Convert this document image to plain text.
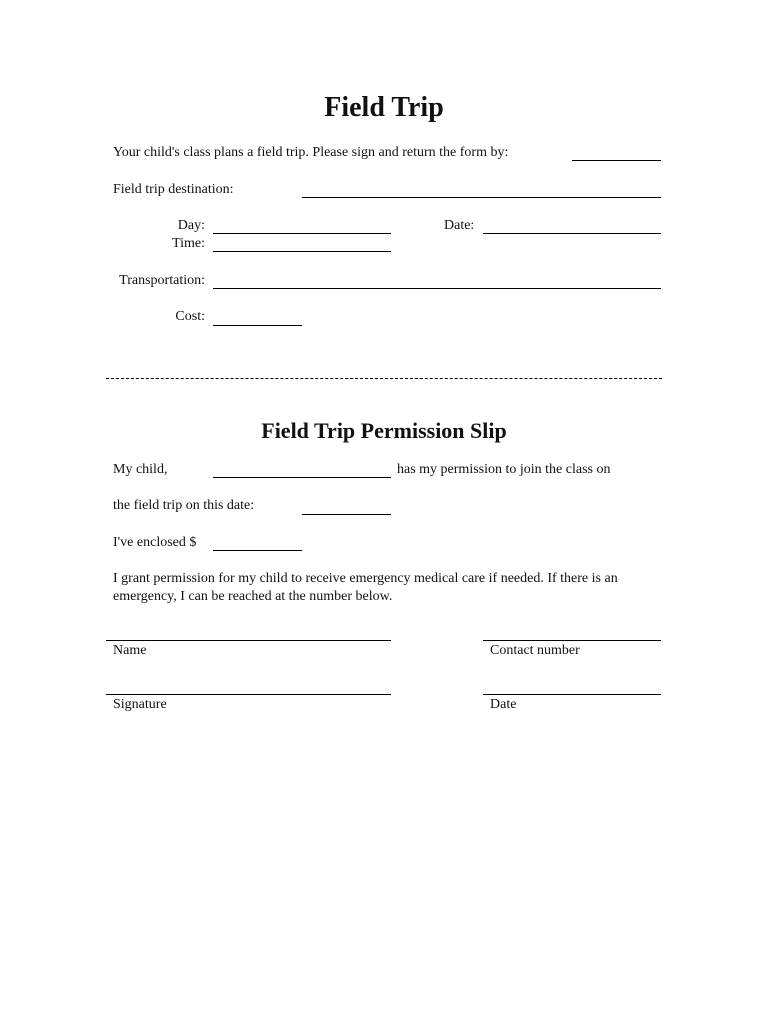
Field Trip
Your child's class plans a field trip. Please sign and return the form by:
Field trip destination:
Day:	Date:
Time:
Transportation:
Cost:
Field Trip Permission Slip
My child,	has my permission to join the class on
the field trip on this date:
I've enclosed $
I grant permission for my child to receive emergency medical care if needed. If there is an emergency, I can be reached at the number below.
Name	Contact number
Signature	Date
